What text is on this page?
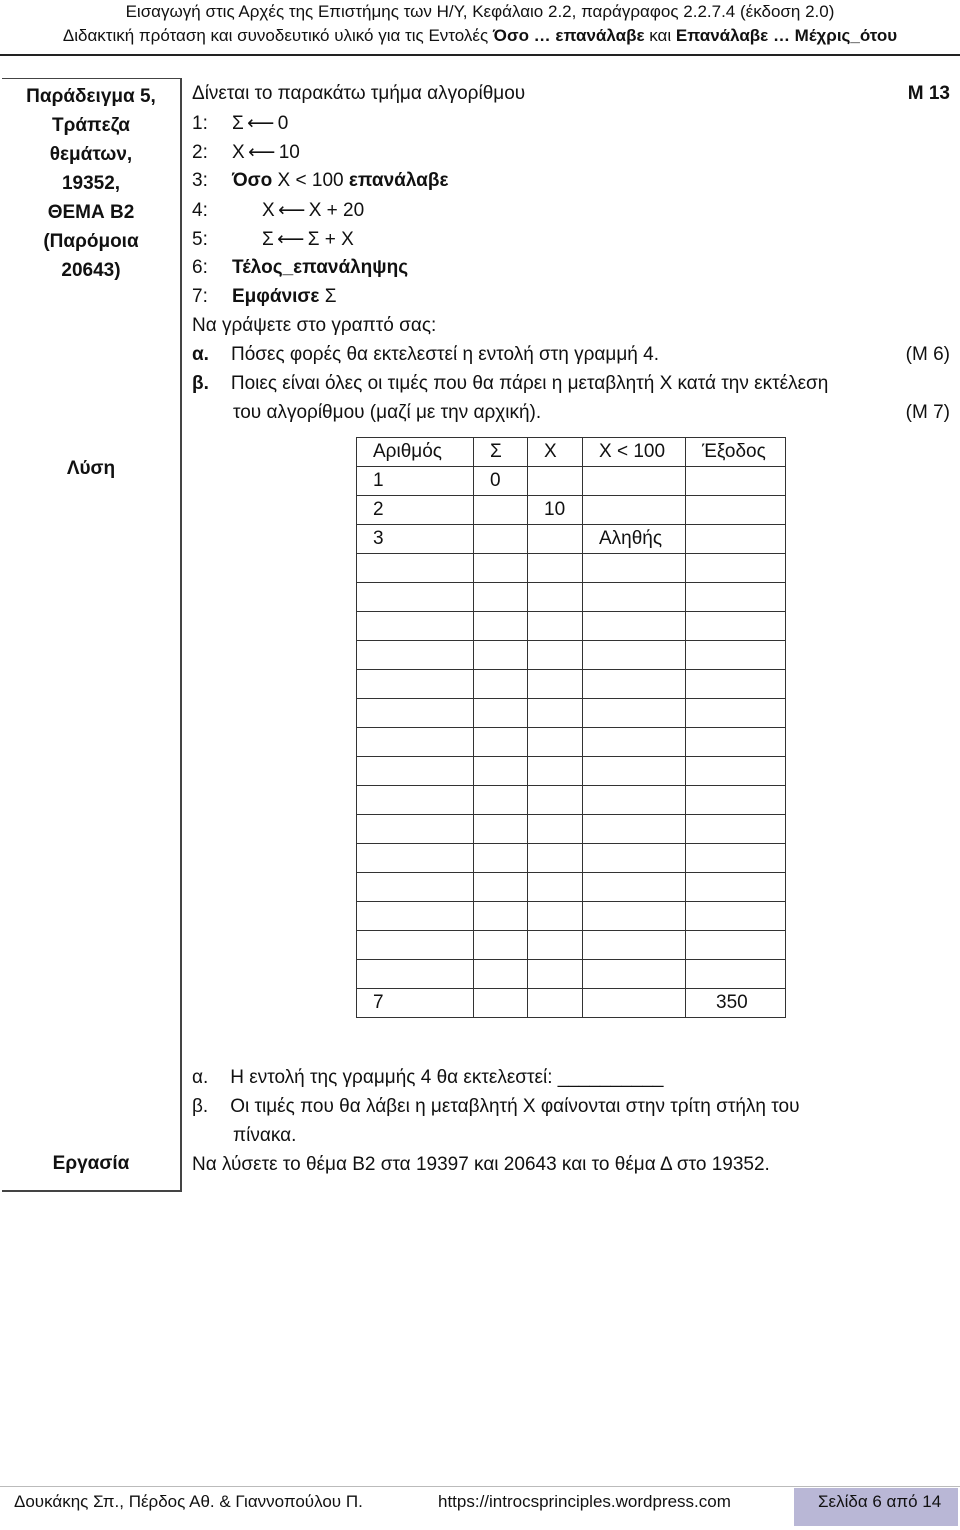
Εισαγωγή στις Αρχές της Επιστήμης των Η/Υ, Κεφάλαιο 2.2, παράγραφος 2.2.7.4 (έκδοση 2.0)
Διδακτική πρόταση και συνοδευτικό υλικό για τις Εντολές Όσο … επανάλαβε και Επανάλαβε … Μέχρις_ότου
Παράδειγμα 5,
Τράπεζα
θεμάτων,
19352,
ΘΕΜΑ Β2
(Παρόμοια
20643)
Λύση
Εργασία
Δίνεται το παρακάτω τμήμα αλγορίθμου	Μ 13
1: Σ ⟵ 0
2: X ⟵ 10
3: Όσο X < 100 επανάλαβε
4:	X ⟵ X + 20
5:	Σ ⟵ Σ + X
6: Τέλος_επανάληψης
7: Εμφάνισε Σ
Να γράψετε στο γραπτό σας:
α. Πόσες φορές θα εκτελεστεί η εντολή στη γραμμή 4.	(Μ 6)
β. Ποιες είναι όλες οι τιμές που θα πάρει η μεταβλητή X κατά την εκτέλεση
του αλγορίθμου (μαζί με την αρχική).	(Μ 7)
Αριθμός	Σ	X	X < 100	Έξοδος
1	0			
2		10		
3			Αληθής	

7				350
α. Η εντολή της γραμμής 4 θα εκτελεστεί: __________
β. Οι τιμές που θα λάβει η μεταβλητή X φαίνονται στην τρίτη στήλη του
πίνακα.
Να λύσετε το θέμα Β2 στα 19397 και 20643 και το θέμα Δ στο 19352.
Δουκάκης Σπ., Πέρδος Αθ. & Γιαννοπούλου Π.	https://introcsprinciples.wordpress.com	Σελίδα 6 από 14
